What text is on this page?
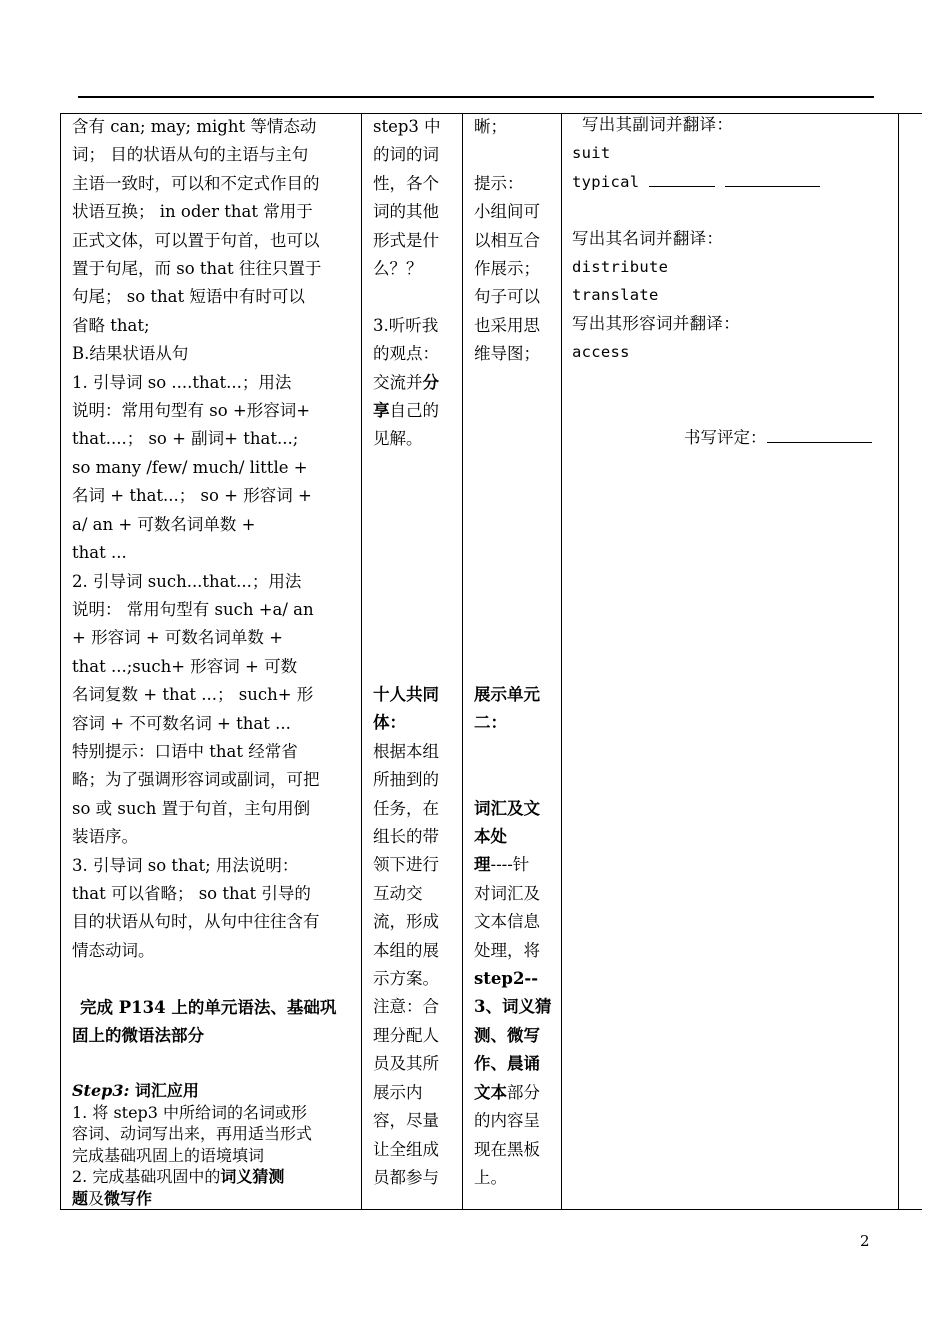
含有 can; may; might 等情态动

词； 目的状语从句的主语与主句

主语一致时，可以和不定式作目的

状语互换； in oder that 常用于

正式文体，可以置于句首，也可以

置于句尾，而 so that 往往只置于

句尾； so that 短语中有时可以

省略 that;

B.结果状语从句

1. 引导词 so ....that...；用法

说明：常用句型有 so +形容词+

that....； so + 副词+ that...;

so many /few/ much/ little +

名词 + that...； so + 形容词 +

a/ an + 可数名词单数 +

that ...

2. 引导词 such...that...；用法

说明： 常用句型有 such +a/ an

+ 形容词 + 可数名词单数 +

that ...;such+ 形容词 + 可数

名词复数 + that ...； such+ 形

容词 + 不可数名词 + that ...

特别提示：口语中 that 经常省

略；为了强调形容词或副词，可把

so 或 such 置于句首，主句用倒

装语序。

3. 引导词 so that; 用法说明：

that 可以省略； so that 引导的

目的状语从句时，从句中往往含有

情态动词。

完成 P134 上的单元语法、基础巩

固上的微语法部分

Step3: 词汇应用

1. 将 step3 中所给词的名词或形

容词、动词写出来，再用适当形式

完成基础巩固上的语境填词

2. 完成基础巩固中的词义猜测

题及微写作

step3 中

的词的词

性，各个

词的其他

形式是什

么？？

3.听听我

的观点：

交流并分

享自己的

见解。

十人共同

体：

根据本组

所抽到的

任务，在

组长的带

领下进行

互动交

流，形成

本组的展

示方案。

注意：合

理分配人

员及其所

展示内

容，尽量

让全组成

员都参与

晰；

提示：

小组间可

以相互合

作展示；

句子可以

也采用思

维导图；

展示单元

二：

词汇及文

本处

理----针

对词汇及

文本信息

处理，将

step2--

3、词义猜

测、微写

作、晨诵

文本部分

的内容呈

现在黑板

上。

写出其副词并翻译：

suit

typical

写出其名词并翻译：

distribute

translate

写出其形容词并翻译：

access

书写评定：

2
